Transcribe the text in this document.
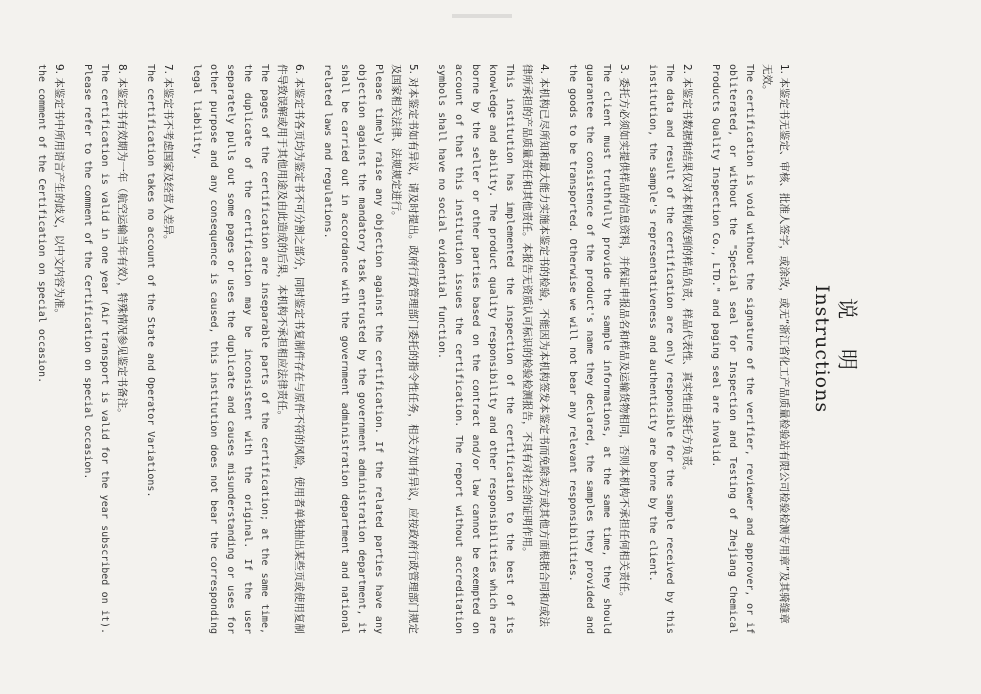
说明
Instructions
1. 本鉴定书无鉴定、审核、批准人签字，或涂改，或无“浙江省化工产品质量检验站有限公司检验检测专用章”及其骑缝章无效。
The certification is void without the signature of the verifier, reviewer and approver, or if obliterated, or without the "Special seal for Inspection and Testing of Zhejiang Chemical Products Quality Inspection Co., LTD." and paging seal are invalid.
2. 本鉴定书数据和结果仅对本机构收到的样品负责，样品代表性、真实性由委托方负责。
The data and result of the certification are only responsible for the sample received by this institution, the sample's representativeness and authenticity are borne by the client.
3. 委托方必须如实提供样品的信息资料，并保证申报品名和样品及运输货物相同，否则本机构不承担任何相关责任。
The client must truthfully provide the sample informations, at the same time, they should guarantee the consistence of the product's name they declared, the samples they provided and the goods to be transported. Otherwise we will not bear any relevant responsibilities.
4. 本机构已尽所知和最大能力实施本鉴定书的检验，不能因为本机构签发本鉴定书而免除卖方或其他方面根据合同和/或法律所承担的产品质量责任和其他责任。本报告无资质认可标识的检验检测报告，不具有对社会的证明作用。
This institution has implemented the inspection of the certification to the best of its knowledge and ability. The product quality responsibility and other responsibilities which are borne by the seller or other parties based on the contract and/or law cannot be exempted on account of that this institution issues the certification. The report without accreditation symbols shall have no social evidential function.
5. 对本鉴定书如有异议，请及时提出。政府行政管理部门委托的指令性任务，相关方如有异议，应按政府行政管理部门规定及国家相关法律、法规规定进行。
Please timely raise any objection against the certification. If the related parties have any objection against the mandatory task entrusted by the government administration department, it shall be carried out in accordance with the government administration department and national related laws and regulations.
6. 本鉴定书各页均为鉴定书不可分割之部分，同时鉴定书复制件存在与原件不符的风险，使用者单独抽出某些页或使用复制件导致误解或用于其他用途及由此造成的后果，本机构不承担相应法律责任。
The pages of the certification are inseparable parts of the certification; at the same time, the duplicate of the certification may be inconsistent with the original. If the user separately pulls out some pages or uses the duplicate and causes misunderstanding or uses for other purpose and any consequence is caused, this institution does not bear the corresponding legal liability.
7. 本鉴定书不考虑国家及经营人差异。
The certification takes no account of the State and Operator Variations.
8. 本鉴定书有效期为一年（航空运输当年有效），特殊情况参见鉴定书备注。
The certification is valid in one year (Air transport is valid for the year subscribed on it). Please refer to the comment of the Certification on special occasion.
9. 本鉴定书中所用语言产生的歧义，以中文内容为准。
the comment of the Certification on special occasion.
